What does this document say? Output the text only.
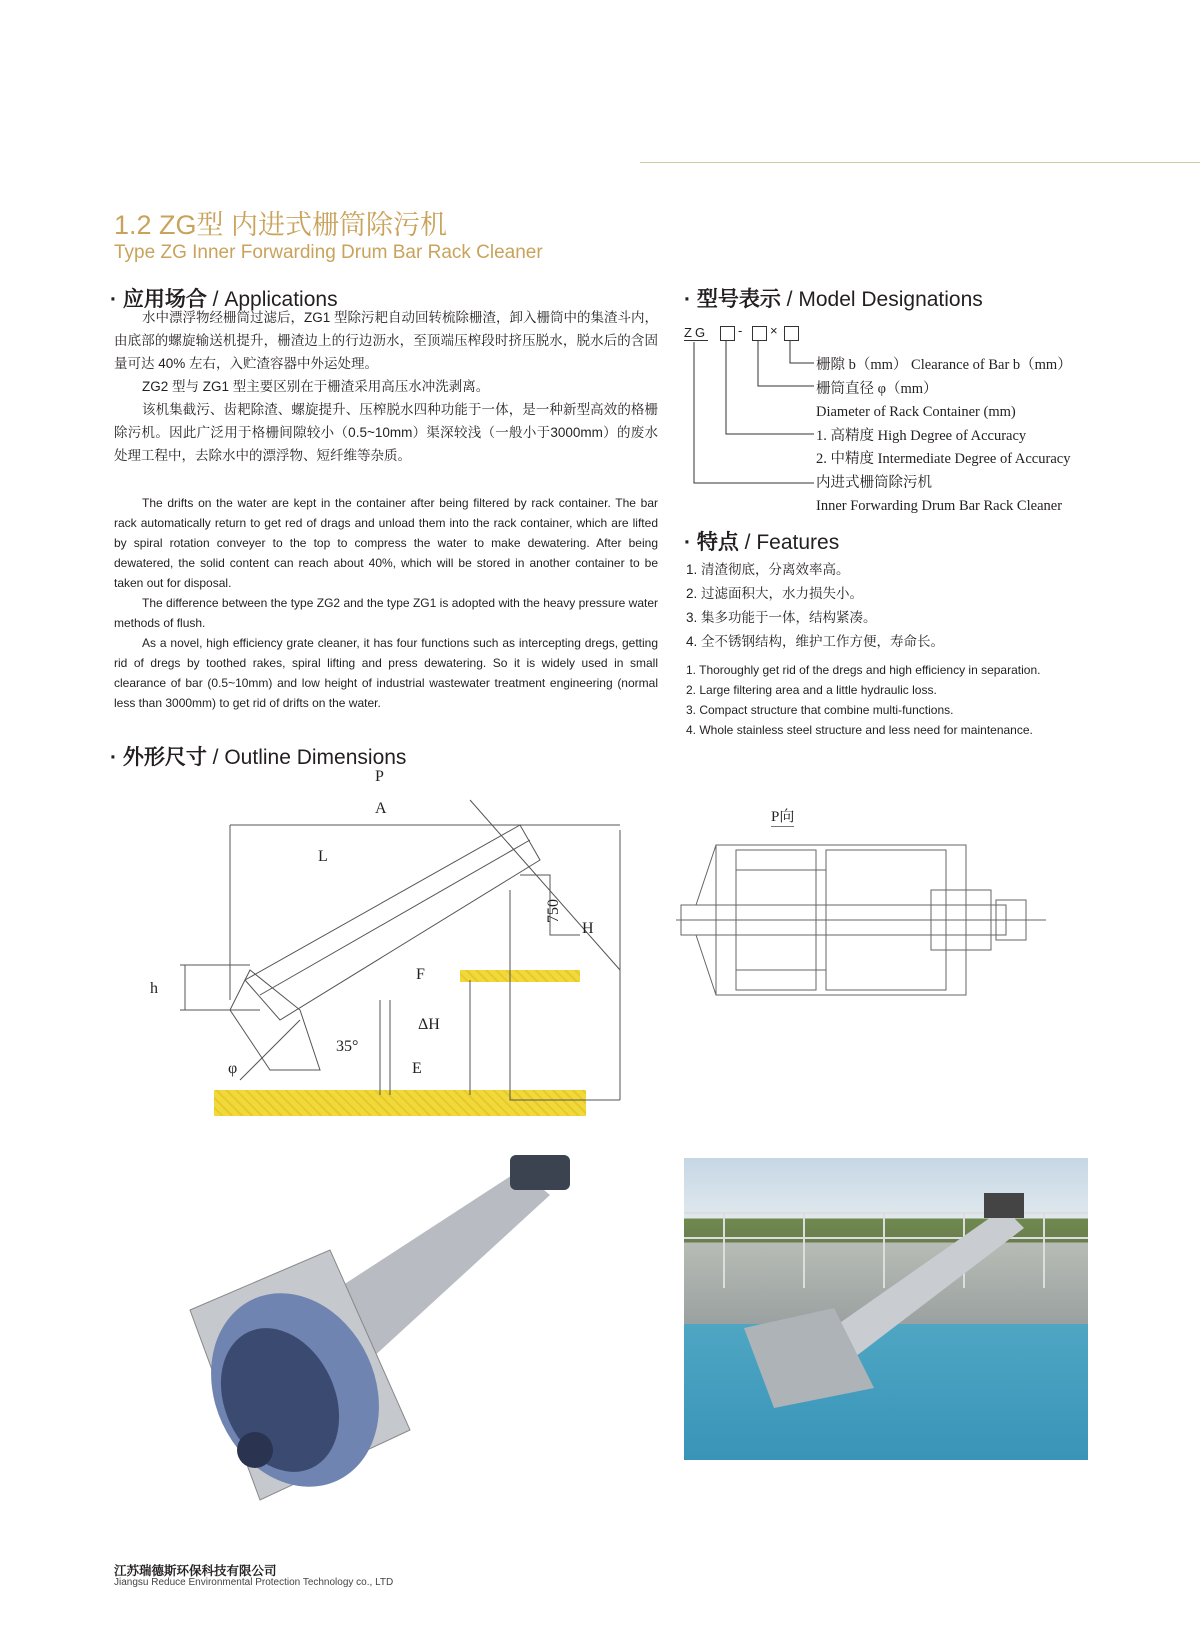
1.2 ZG型 内进式栅筒除污机
Type ZG Inner Forwarding Drum Bar Rack Cleaner
· 应用场合 / Applications

水中漂浮物经栅筒过滤后，ZG1 型除污耙自动回转梳除栅渣，卸入栅筒中的集渣斗内，由底部的螺旋输送机提升，栅渣边上的行边沥水，至顶端压榨段时挤压脱水，脱水后的含固量可达 40% 左右，入贮渣容器中外运处理。

ZG2 型与 ZG1 型主要区别在于栅渣采用高压水冲洗剥离。

该机集截污、齿耙除渣、螺旋提升、压榨脱水四种功能于一体，是一种新型高效的格栅除污机。因此广泛用于格栅间隙较小（0.5~10mm）渠深较浅（一般小于3000mm）的废水处理工程中，去除水中的漂浮物、短纤维等杂质。

The drifts on the water are kept in the container after being filtered by rack container. The bar rack automatically return to get red of drags and unload them into the rack container, which are lifted by spiral rotation conveyer to the top to compress the water to make dewatering. After being dewatered, the solid content can reach about 40%, which will be stored in another container to be taken out for disposal.

The difference between the type ZG2 and the type ZG1 is adopted with the heavy pressure water methods of flush.

As a novel, high efficiency grate cleaner, it has four functions such as intercepting dregs, getting rid of dregs by toothed rakes, spiral lifting and press dewatering. So it is widely used in small clearance of bar (0.5~10mm) and low height of industrial wastewater treatment engineering (normal less than 3000mm) to get rid of drifts on the water.

· 型号表示 / Model Designations
ZG - ×
栅隙 b（mm） Clearance of Bar b（mm）
栅筒直径 φ（mm）
Diameter of Rack Container (mm)
1. 高精度 High Degree of Accuracy
2. 中精度 Intermediate Degree of Accuracy
内进式栅筒除污机
Inner Forwarding Drum Bar Rack Cleaner
· 特点 / Features
1. 清渣彻底，分离效率高。
2. 过滤面积大，水力损失小。
3. 集多功能于一体，结构紧凑。
4. 全不锈钢结构，维护工作方便，寿命长。
1. Thoroughly get rid of the dregs and high efficiency in separation.
2. Large filtering area and a little hydraulic loss.
3. Compact structure that combine multi-functions.
4. Whole stainless steel structure and less need for maintenance.
· 外形尺寸 / Outline Dimensions
P
A
L
750
H
h
F
ΔH
35°
E
φ
P向
江苏瑞德斯环保科技有限公司
Jiangsu Reduce Environmental Protection Technology co., LTD
